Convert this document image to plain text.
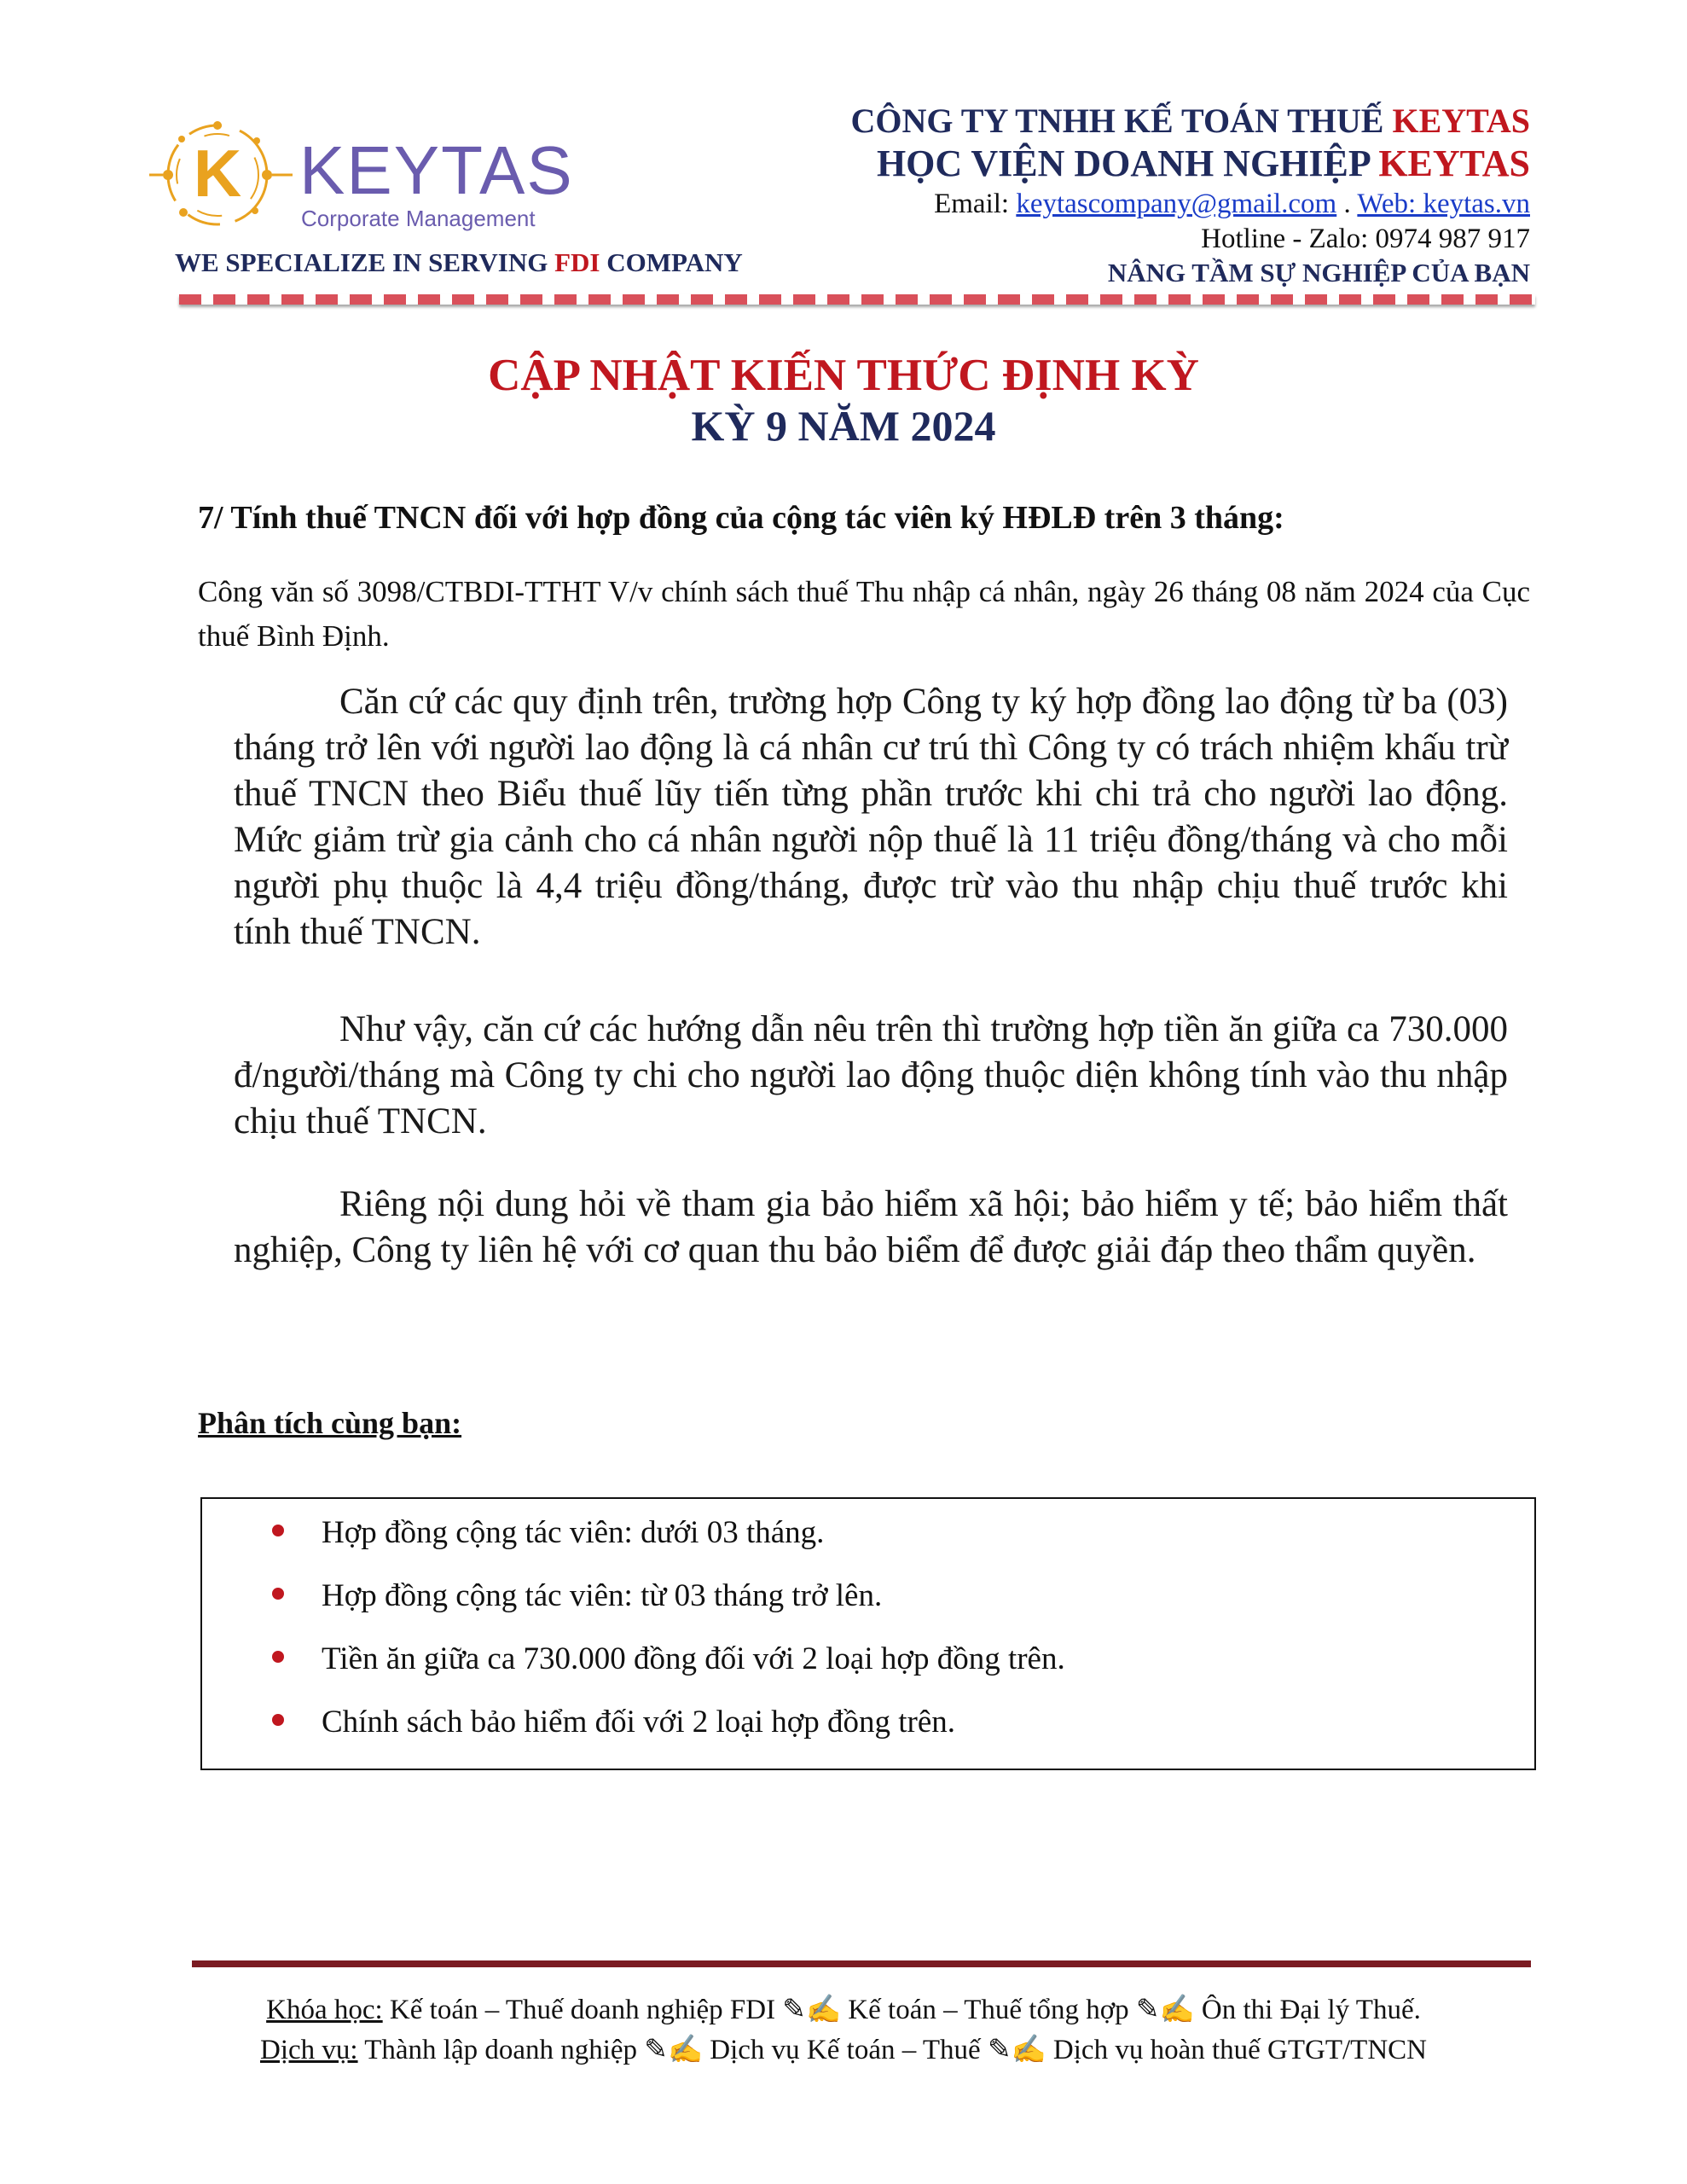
K KEYTAS
Corporate Management
WE SPECIALIZE IN SERVING FDI COMPANY
CÔNG TY TNHH KẾ TOÁN THUẾ KEYTAS
HỌC VIỆN DOANH NGHIỆP KEYTAS
Email: keytascompany@gmail.com . Web: keytas.vn
Hotline - Zalo: 0974 987 917
NÂNG TẦM SỰ NGHIỆP CỦA BẠN
CẬP NHẬT KIẾN THỨC ĐỊNH KỲ
KỲ 9 NĂM 2024
7/ Tính thuế TNCN đối với hợp đồng của cộng tác viên ký HĐLĐ trên 3 tháng:
Công văn số 3098/CTBDI-TTHT V/v chính sách thuế Thu nhập cá nhân, ngày 26 tháng 08 năm 2024 của Cục thuế Bình Định.
Căn cứ các quy định trên, trường hợp Công ty ký hợp đồng lao động từ ba (03) tháng trở lên với người lao động là cá nhân cư trú thì Công ty có trách nhiệm khấu trừ thuế TNCN theo Biểu thuế lũy tiến từng phần trước khi chi trả cho người lao động. Mức giảm trừ gia cảnh cho cá nhân người nộp thuế là 11 triệu đồng/tháng và cho mỗi người phụ thuộc là 4,4 triệu đồng/tháng, được trừ vào thu nhập chịu thuế trước khi tính thuế TNCN.
Như vậy, căn cứ các hướng dẫn nêu trên thì trường hợp tiền ăn giữa ca 730.000 đ/người/tháng mà Công ty chi cho người lao động thuộc diện không tính vào thu nhập chịu thuế TNCN.
Riêng nội dung hỏi về tham gia bảo hiểm xã hội; bảo hiểm y tế; bảo hiểm thất nghiệp, Công ty liên hệ với cơ quan thu bảo biểm để được giải đáp theo thẩm quyền.
Phân tích cùng bạn:
Hợp đồng cộng tác viên: dưới 03 tháng.
Hợp đồng cộng tác viên: từ 03 tháng trở lên.
Tiền ăn giữa ca 730.000 đồng đối với 2 loại hợp đồng trên.
Chính sách bảo hiểm đối với 2 loại hợp đồng trên.
Khóa học: Kế toán – Thuế doanh nghiệp FDI ✎✍ Kế toán – Thuế tổng hợp ✎✍ Ôn thi Đại lý Thuế.
Dịch vụ: Thành lập doanh nghiệp ✎✍ Dịch vụ Kế toán – Thuế ✎✍ Dịch vụ hoàn thuế GTGT/TNCN
